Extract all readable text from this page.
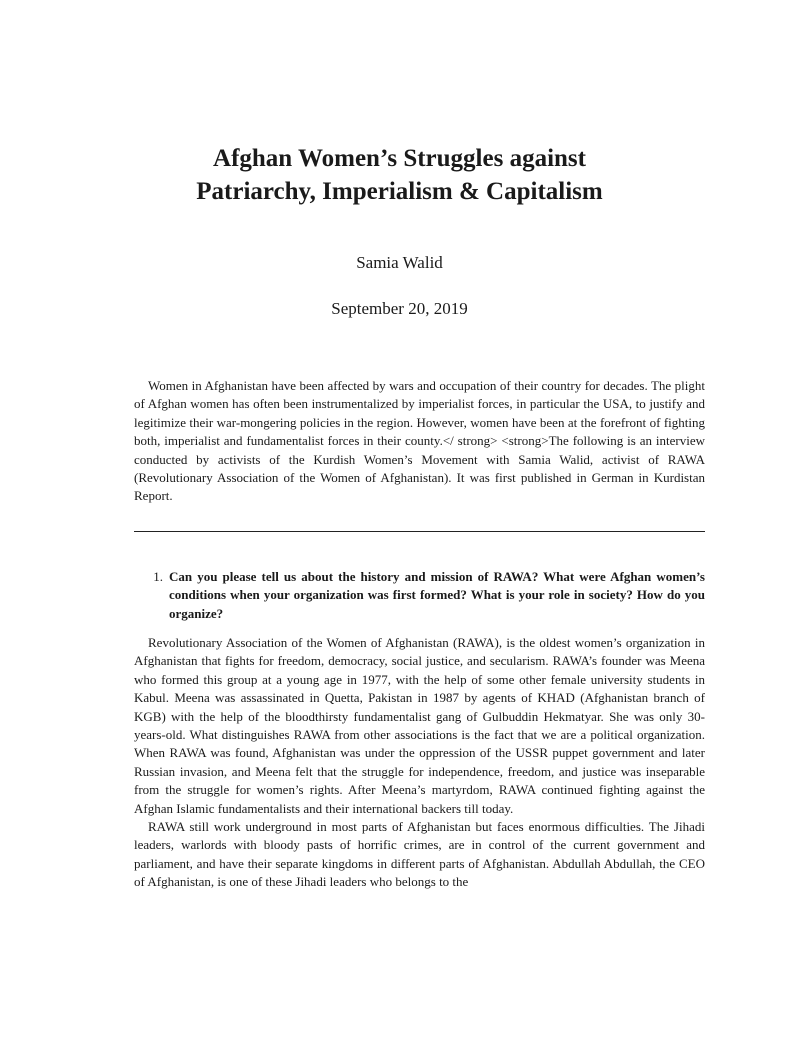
Afghan Women’s Struggles against
Patriarchy, Imperialism & Capitalism
Samia Walid
September 20, 2019

Women in Afghanistan have been affected by wars and occupation of their country for decades. The plight of Afghan women has often been instrumentalized by imperialist forces, in particular the USA, to justify and legitimize their war-mongering policies in the region. However, women have been at the forefront of fighting both, imperialist and fundamentalist forces in their county.</ strong> <strong>The following is an interview conducted by activists of the Kurdish Women’s Movement with Samia Walid, activist of RAWA (Revolutionary Association of the Women of Afghanistan). It was first published in German in Kurdistan Report.

1. Can you please tell us about the history and mission of RAWA? What were Afghan women’s conditions when your organization was first formed? What is your role in society? How do you organize?

Revolutionary Association of the Women of Afghanistan (RAWA), is the oldest women’s organization in Afghanistan that fights for freedom, democracy, social justice, and secularism. RAWA’s founder was Meena who formed this group at a young age in 1977, with the help of some other female university students in Kabul. Meena was assassinated in Quetta, Pakistan in 1987 by agents of KHAD (Afghanistan branch of KGB) with the help of the bloodthirsty fundamentalist gang of Gulbuddin Hekmatyar. She was only 30-years-old. What distinguishes RAWA from other associations is the fact that we are a political organization. When RAWA was found, Afghanistan was under the oppression of the USSR puppet government and later Russian invasion, and Meena felt that the struggle for independence, freedom, and justice was inseparable from the struggle for women’s rights. After Meena’s martyrdom, RAWA continued fighting against the Afghan Islamic fundamentalists and their international backers till today.

RAWA still work underground in most parts of Afghanistan but faces enormous difficulties. The Jihadi leaders, warlords with bloody pasts of horrific crimes, are in control of the current government and parliament, and have their separate kingdoms in different parts of Afghanistan. Abdullah Abdullah, the CEO of Afghanistan, is one of these Jihadi leaders who belongs to the
